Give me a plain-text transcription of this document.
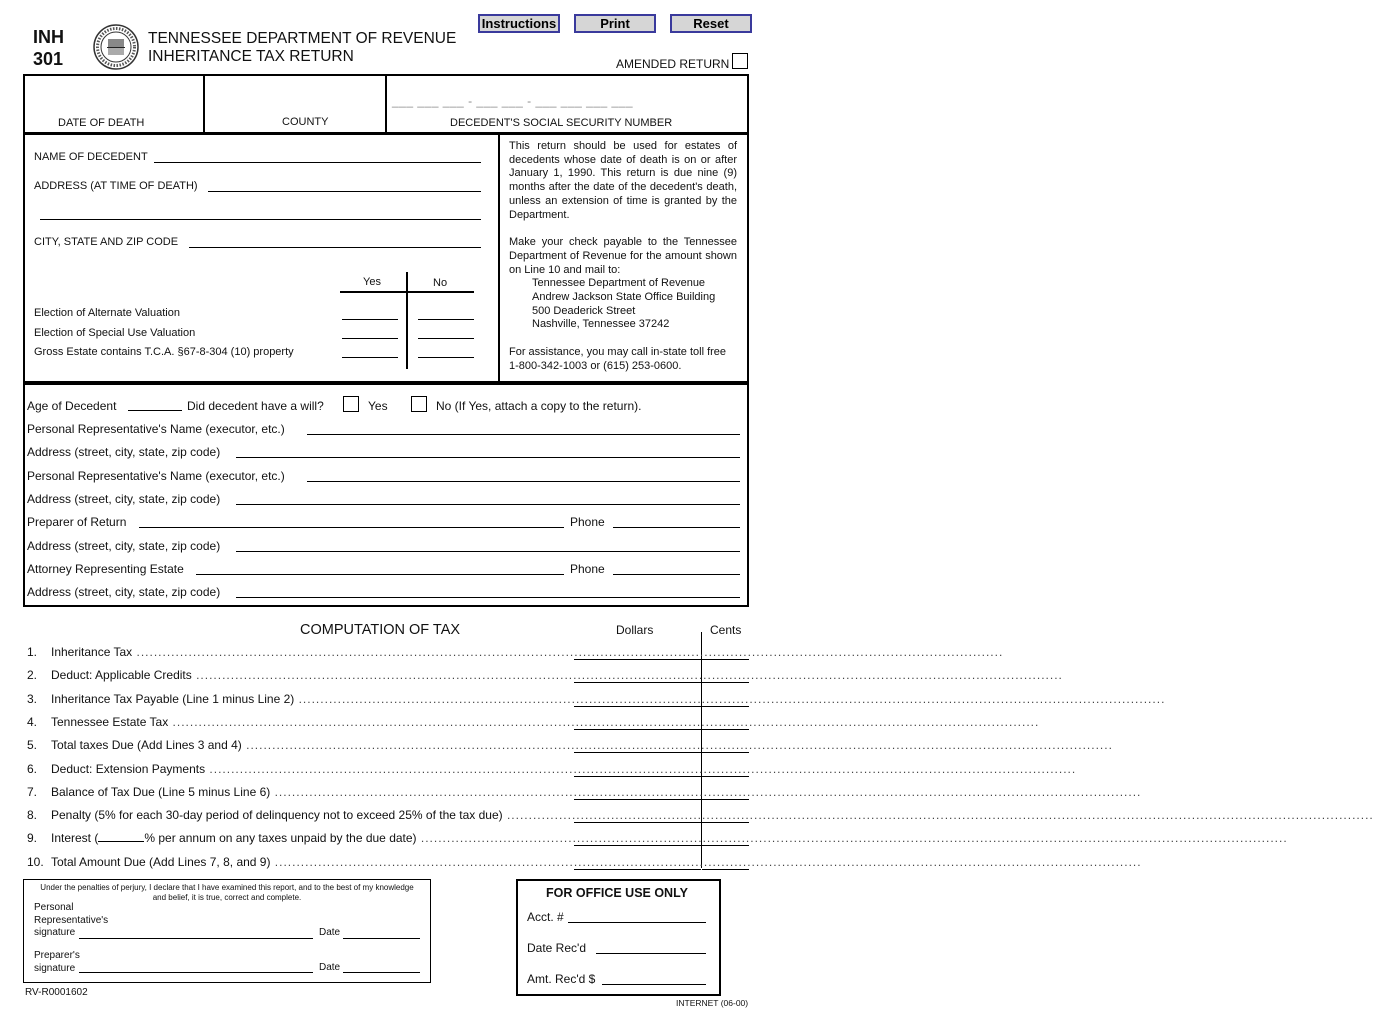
INH
301
TENNESSEE DEPARTMENT OF REVENUE
INHERITANCE TAX RETURN
Instructions	Print	Reset
AMENDED RETURN
___ ___ ___ - ___ ___ - ___ ___ ___ ___
DATE OF DEATH	COUNTY	DECEDENT'S SOCIAL SECURITY NUMBER
NAME OF DECEDENT
ADDRESS (AT TIME OF DEATH)
CITY, STATE AND ZIP CODE
Yes	No
Election of Alternate Valuation
Election of Special Use Valuation
Gross Estate contains T.C.A. §67-8-304 (10) property
This return should be used for estates of decedents whose date of death is on or after January 1, 1990. This return is due nine (9) months after the date of the decedent's death, unless an extension of time is granted by the Department.
Make your check payable to the Tennessee Department of Revenue for the amount shown on Line 10 and mail to:
Tennessee Department of Revenue
Andrew Jackson State Office Building
500 Deaderick Street
Nashville, Tennessee 37242
For assistance, you may call in-state toll free 1-800-342-1003 or (615) 253-0600.
Age of Decedent	Did decedent have a will?	Yes	No (If Yes, attach a copy to the return).
Personal Representative's Name (executor, etc.)
Address (street, city, state, zip code)
Personal Representative's Name (executor, etc.)
Address (street, city, state, zip code)
Preparer of Return	Phone
Address (street, city, state, zip code)
Attorney Representing Estate	Phone
Address (street, city, state, zip code)
COMPUTATION OF TAX	Dollars	Cents
1. Inheritance Tax ........................................................................................................................................................................................................
2. Deduct: Applicable Credits ........................................................................................................................................................................................................
3. Inheritance Tax Payable (Line 1 minus Line 2) ........................................................................................................................................................................................................
4. Tennessee Estate Tax ........................................................................................................................................................................................................
5. Total taxes Due (Add Lines 3 and 4) ........................................................................................................................................................................................................
6. Deduct: Extension Payments ........................................................................................................................................................................................................
7. Balance of Tax Due (Line 5 minus Line 6) ........................................................................................................................................................................................................
8. Penalty (5% for each 30-day period of delinquency not to exceed 25% of the tax due) ........................................................................................................................................................................................................
9. Interest (	% per annum on any taxes unpaid by the due date) ........................................................................................................................................................................................................
10. Total Amount Due (Add Lines 7, 8, and 9) ........................................................................................................................................................................................................
Under the penalties of perjury, I declare that I have examined this report, and to the best of my knowledge and belief, it is true, correct and complete.
Personal
Representative's
signature	Date
Preparer's
signature	Date
FOR OFFICE USE ONLY
Acct. #
Date Rec'd
Amt. Rec'd $
RV-R0001602
INTERNET (06-00)
